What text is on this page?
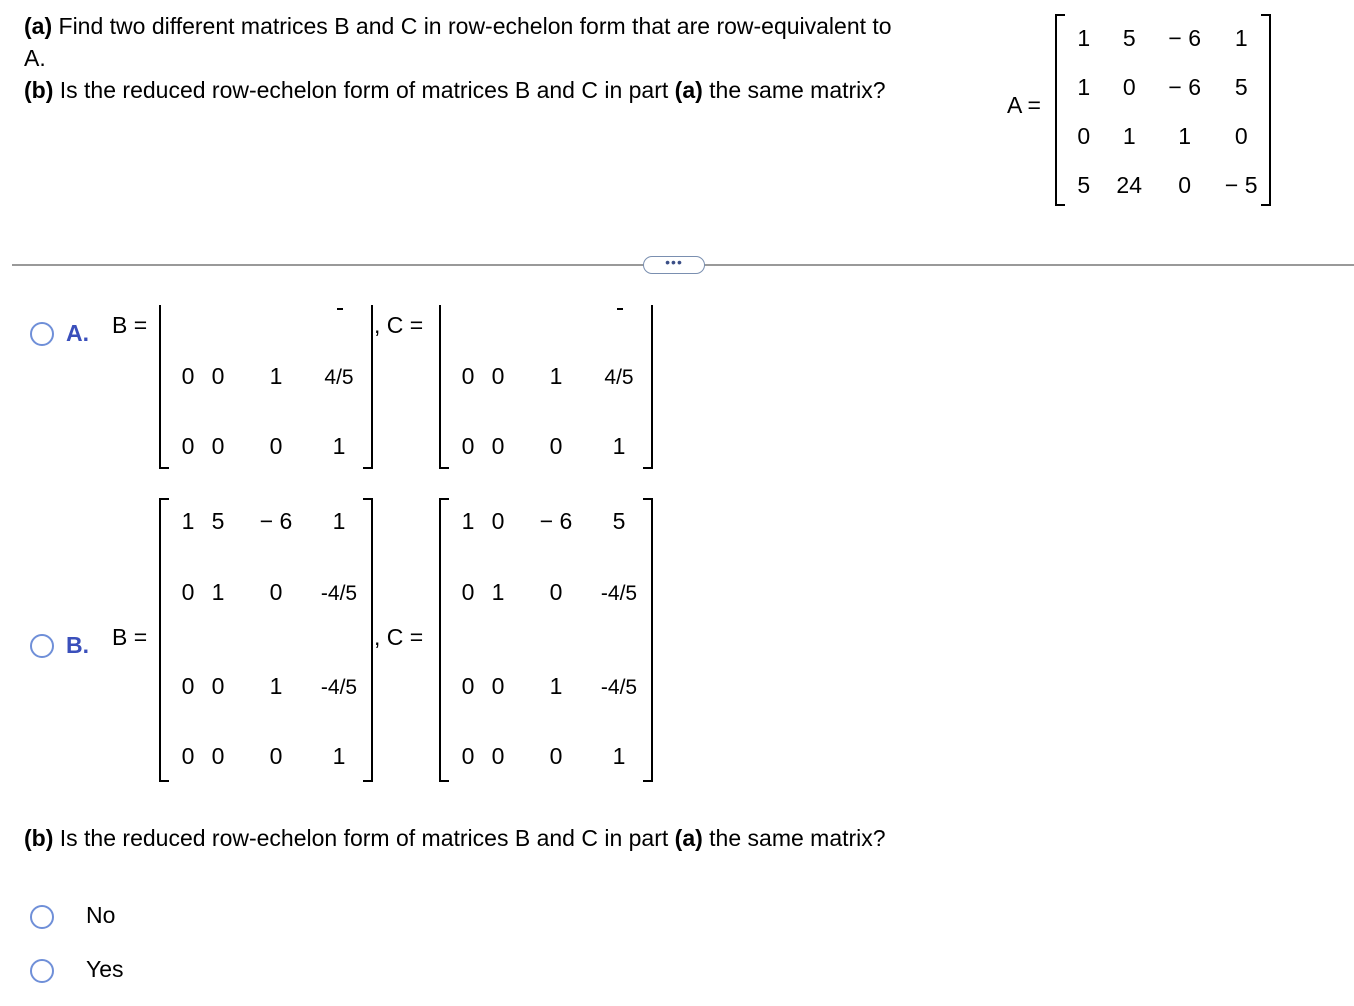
(a) Find two different matrices B and C in row-echelon form that are row-equivalent to
A.
(b) Is the reduced row-echelon form of matrices B and C in part (a) the same matrix?
A =
1	5	− 6	1
1	0	− 6	5
0	1	1	0
5	24	0	− 5
•••
A. B =
0	0	1	4/5
0	0	0	1
, C =
0	0	1	4/5
0	0	0	1
B. B =
1	5	− 6	1
0	1	0	-4/5
0	0	1	-4/5
0	0	0	1
, C =
1	0	− 6	5
0	1	0	-4/5
0	0	1	-4/5
0	0	0	1
(b) Is the reduced row-echelon form of matrices B and C in part (a) the same matrix?
No
Yes
